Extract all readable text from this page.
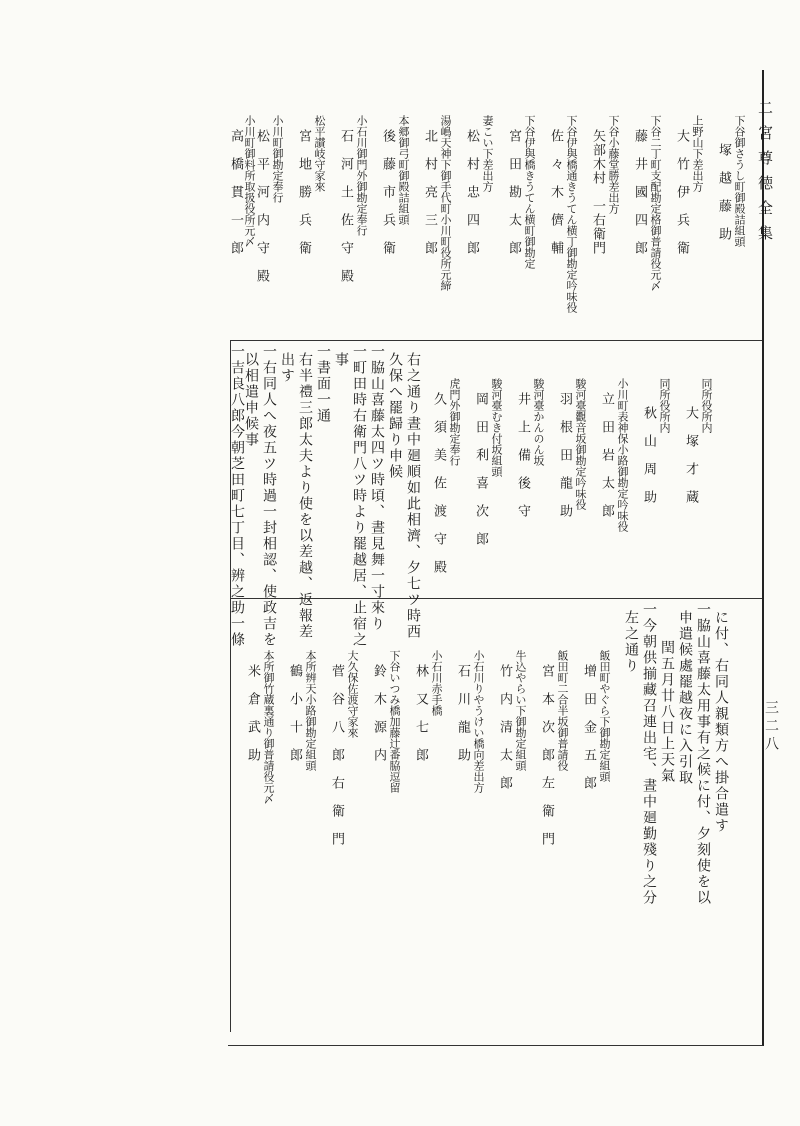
二宮尊徳全集
三二八
下谷御さうし町御殿詰組頭
　　塚　越　藤　助
上野山下差出方
　大　竹　伊　兵　衛
下谷二丁町支配勘定格御普請役元〆
　藤　井　國　四　郎
下谷小藤堂勝差出方
　矢部木村　一右衛門
下谷伊與橋通きうてん横丁御勘定吟味役
　佐　々　木　儕　輔
下谷伊與橋きうてん横町御勘定
　宮　田　勘　太　郎
妻こい下差出方
　松　村　忠　四　郎
湯嶋天神下御手代町小川町役所元締
　北　村　亮　三　郎
本郷御弓町御殿詰組頭
　後　藤　市　兵　衛
小石川御門外御勘定奉行
　石　河　土　佐　守　殿
松平讃岐守家來
　宮　地　勝　兵　衛
小川町御勘定奉行
　松　平　河　内　守　殿
小川町御料所取扱役所元〆
　高　橋　貫　一　郎
同所役所内
　　大　塚　才　蔵
同所役所内
　　秋　山　周　助
小川町表神保小路御勘定吟味役
　立　田　岩　太　郎
駿河臺觀音坂御勘定吟味役
　羽　根　田　龍　助
駿河臺かんのん坂
　井　上　備　後　守
駿河臺むき付坂組頭
　岡　田　利　喜　次　郎
虎門外御勘定奉行
　久　須　美　佐　渡　守　殿
右之通り晝中廻順如此相濟、夕七ツ時西
久保へ罷歸り申候
一脇山喜藤太四ツ時頃、晝見舞一寸來り
一町田時右衛門八ツ時より罷越居、止宿之
事
一書面一通
右半禮三郎太夫より使を以差越、返報差
出す
一右同人へ夜五ツ時過一封相認、使政吉を
以相遣申候事
一吉良八郎今朝芝田町七丁目、辨之助一條
に付、右同人親類方へ掛合遣す
一脇山喜藤太用事有之候に付、夕刻使を以
申遣候處罷越夜に入引取
閏五月廿八日上天氣
一今朝供揃藏召連出宅、晝中廻勤殘り之分
左之通り
飯田町やぐら下御勘定組頭
　增　田　金　五　郎
飯田町二合半坂御普請役
　宮　本　次　郎　左　衛　門
牛込やらい下御勘定組頭
　竹　内　清　太　郎
小石川りやうけい橋向差出方
　石　川　龍　助
小石川赤手橋
　林　又　七　郎
下谷いつみ橋加藤辻番脇逗留
　鈴　木　源　内
大久保佐渡守家來
　菅　谷　八　郎　右　衛　門
本所辨天小路御勘定組頭
　鶴　小　十　郎
本所御竹蔵裏通り御普請役元〆
　米　倉　武　助
